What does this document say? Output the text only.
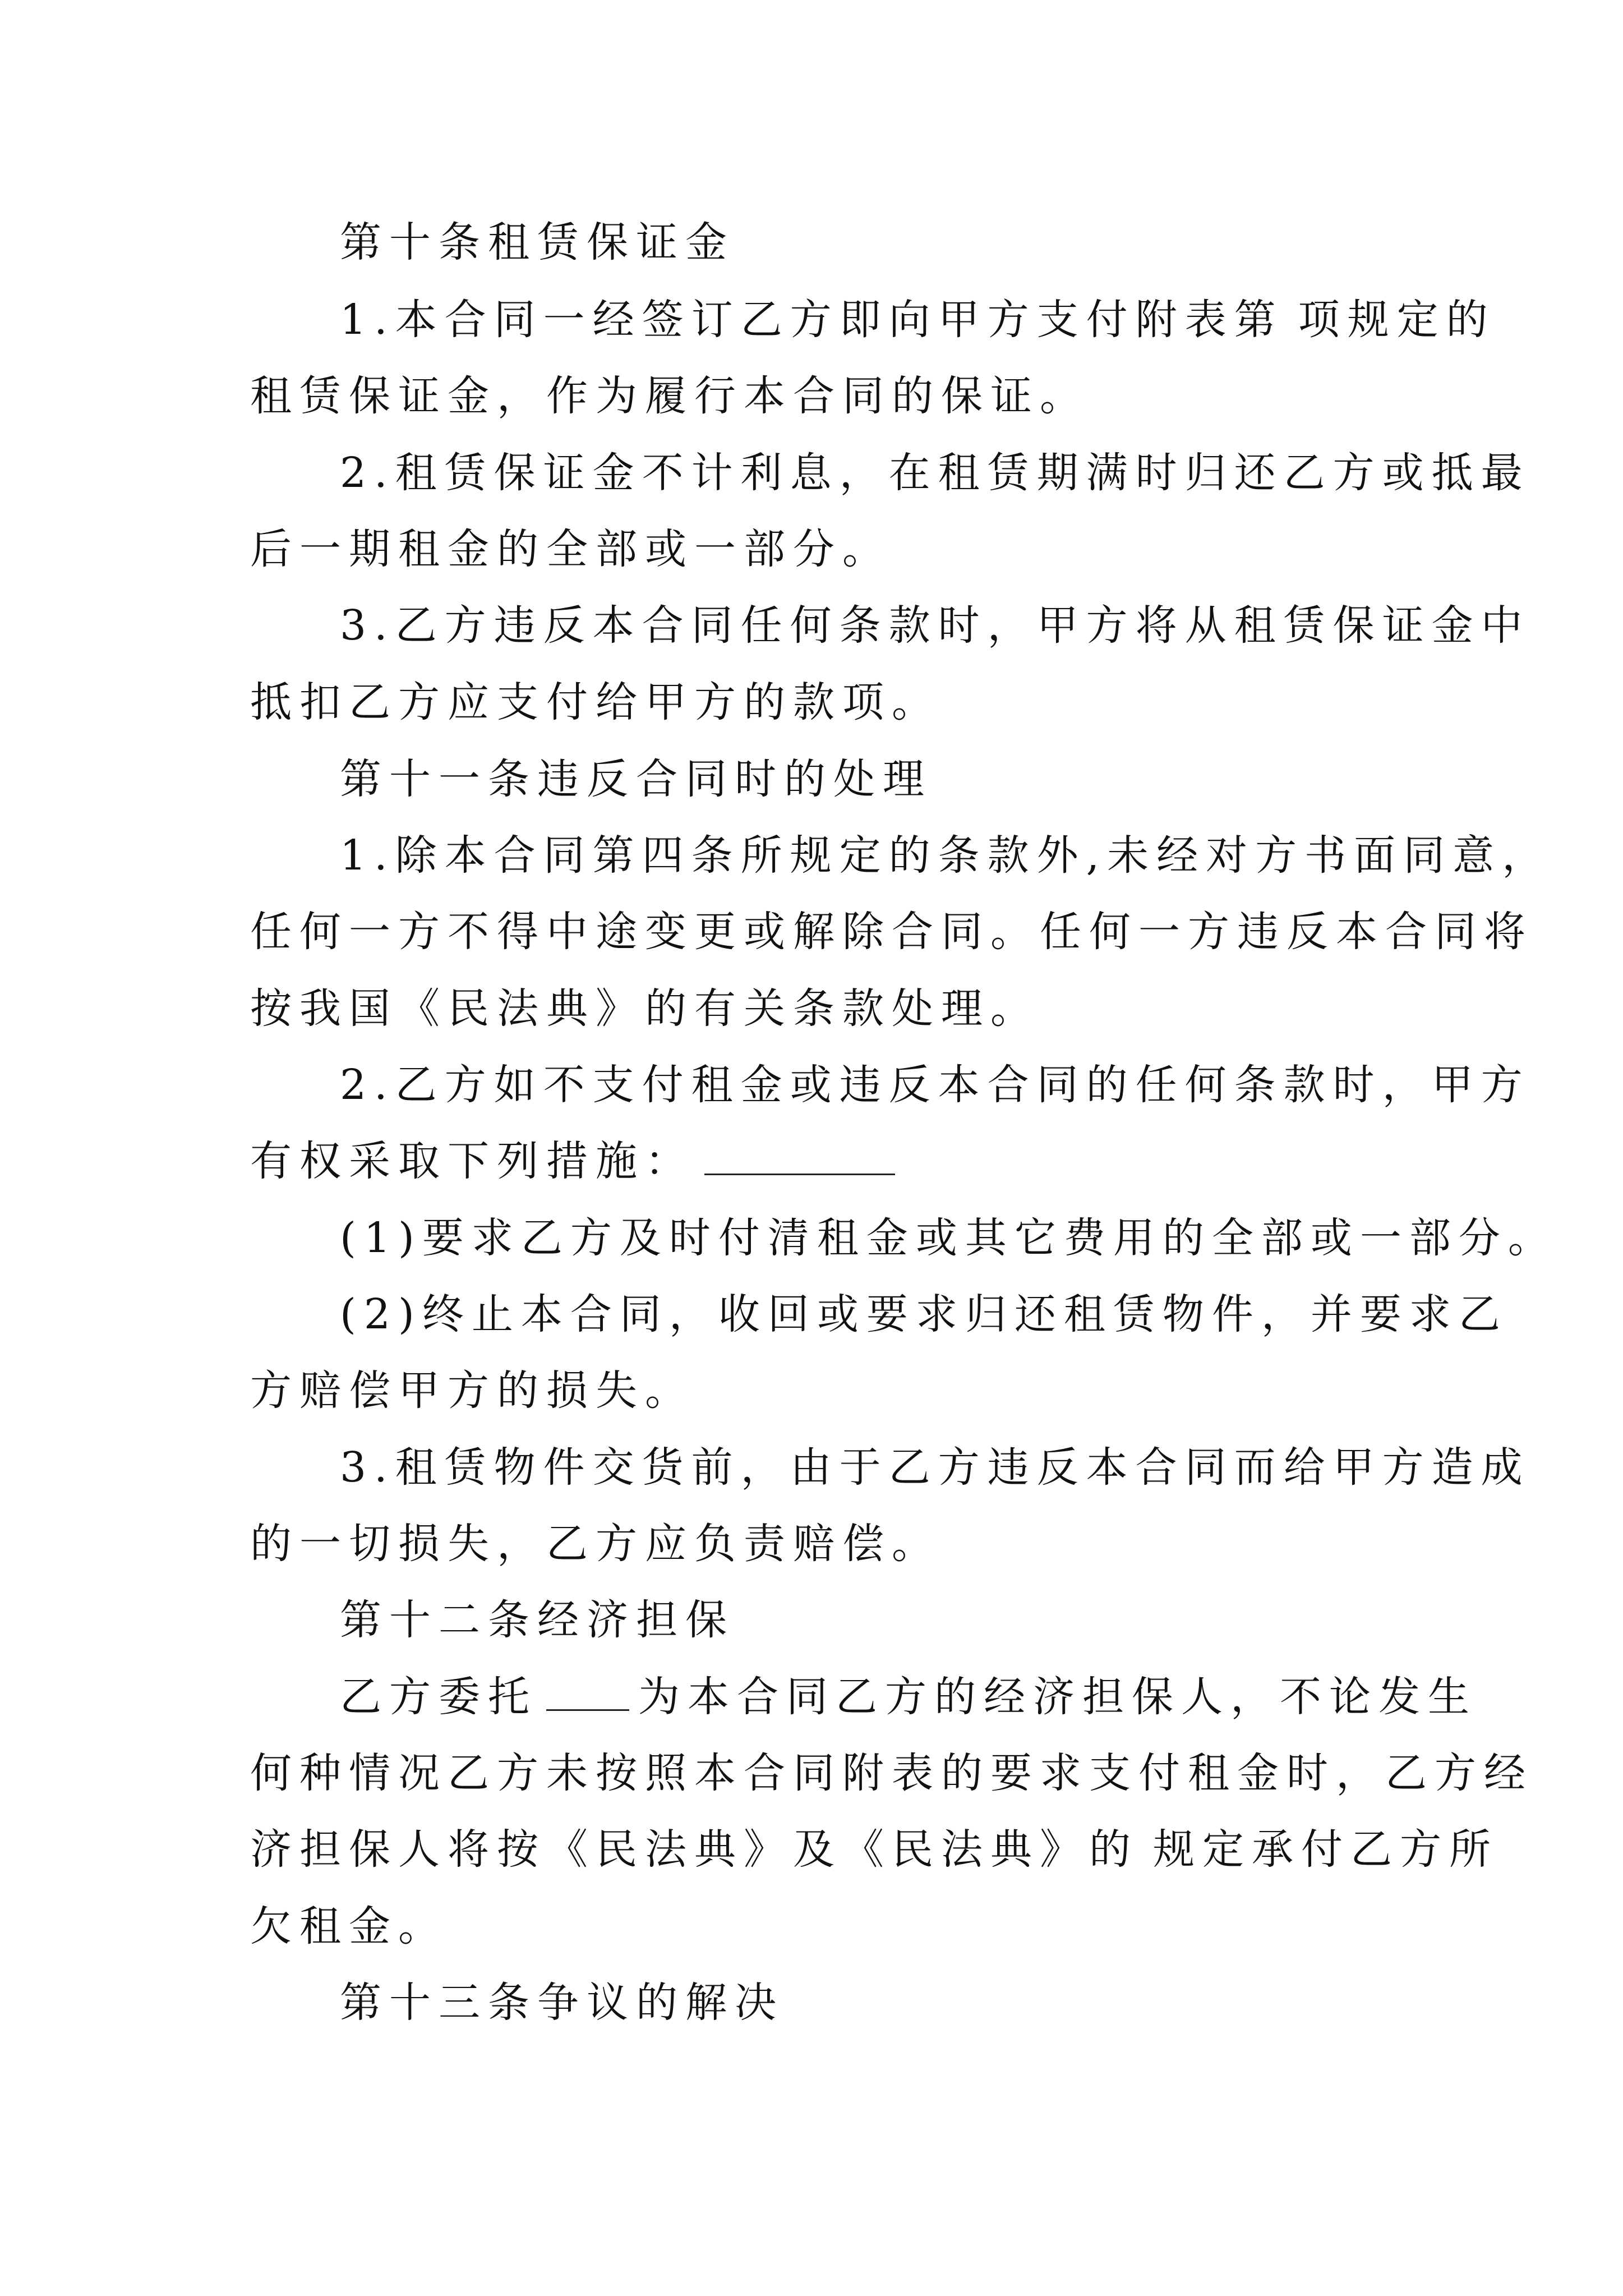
第十条租赁保证金

1.本合同一经签订乙方即向甲方支付附表第 项规定的

租赁保证金，作为履行本合同的保证。

2.租赁保证金不计利息，在租赁期满时归还乙方或抵最

后一期租金的全部或一部分。

3.乙方违反本合同任何条款时，甲方将从租赁保证金中

抵扣乙方应支付给甲方的款项。

第十一条违反合同时的处理

1.除本合同第四条所规定的条款外,未经对方书面同意，

任何一方不得中途变更或解除合同。任何一方违反本合同将

按我国《民法典》的有关条款处理。

2.乙方如不支付租金或违反本合同的任何条款时，甲方

有权采取下列措施：

(1)要求乙方及时付清租金或其它费用的全部或一部分。

(2)终止本合同，收回或要求归还租赁物件，并要求乙

方赔偿甲方的损失。

3.租赁物件交货前，由于乙方违反本合同而给甲方造成

的一切损失，乙方应负责赔偿。

第十二条经济担保

乙方委托 为本合同乙方的经济担保人，不论发生

何种情况乙方未按照本合同附表的要求支付租金时，乙方经

济担保人将按《民法典》及《民法典》的 规定承付乙方所

欠租金。

第十三条争议的解决
